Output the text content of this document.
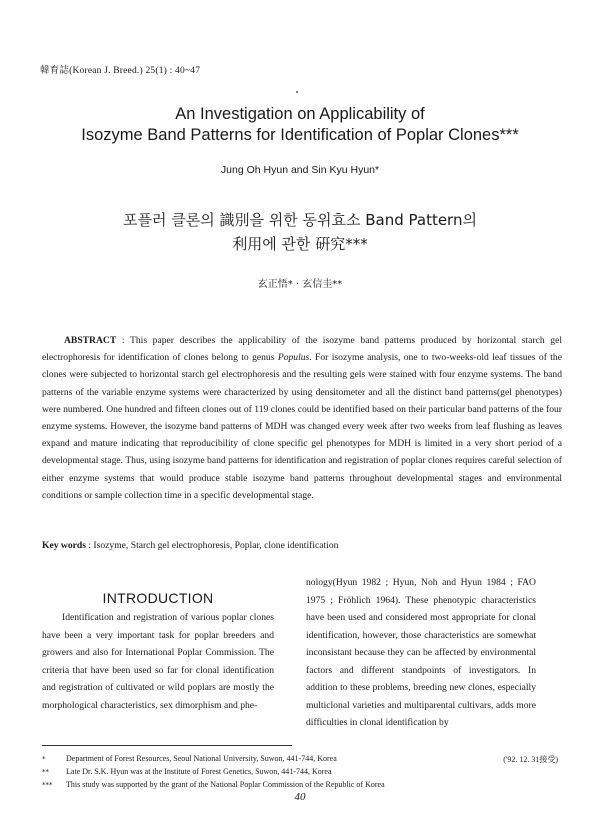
韓育誌(Korean J. Breed.) 25(1) : 40~47
An Investigation on Applicability of
Isozyme Band Patterns for Identification of Poplar Clones***
Jung Oh Hyun and Sin Kyu Hyun*
포플러 클론의 識別을 위한 동위효소 Band Pattern의
利用에 관한 硏究***
玄正悟* · 玄信圭**
ABSTRACT : This paper describes the applicability of the isozyme band patterns produced by horizontal starch gel electrophoresis for identification of clones belong to genus Populus. For isozyme analysis, one to two-weeks-old leaf tissues of the clones were subjected to horizontal starch gel electrophoresis and the resulting gels were stained with four enzyme systems. The band patterns of the variable enzyme systems were characterized by using densitometer and all the distinct band patterns(gel phenotypes) were numbered. One hundred and fifteen clones out of 119 clones could be identified based on their particular band patterns of the four enzyme systems. However, the isozyme band patterns of MDH was changed every week after two weeks from leaf flushing as leaves expand and mature indicating that reproducibility of clone specific gel phenotypes for MDH is limited in a very short period of a developmental stage. Thus, using isozyme band patterns for identification and registration of poplar clones requires careful selection of either enzyme systems that would produce stable isozyme band patterns throughout developmental stages and environmental conditions or sample collection time in a specific developmental stage.
Key words : Isozyme, Starch gel electrophoresis, Poplar, clone identification
INTRODUCTION
Identification and registration of various poplar clones have been a very important task for poplar breeders and growers and also for International Poplar Commission. The criteria that have been used so far for clonal identification and registration of cultivated or wild poplars are mostly the morphological characteristics, sex dimorphism and phe-
nology(Hyun 1982 ; Hyun, Noh and Hyun 1984 ; FAO 1975 ; Fröhlich 1964). These phenotypic characteristics have been used and considered most appropriate for clonal identification, however, those characteristics are somewhat inconsistant because they can be affected by environmental factors and different standpoints of investigators. In addition to these problems, breeding new clones, especially multiclonal varieties and multiparental cultivars, adds more difficulties in clonal identification by
*	Department of Forest Resources, Seoul National University, Suwon, 441-744, Korea
** Late Dr. S.K. Hyun was at the Institute of Forest Genetics, Suwon, 441-744, Korea
*** This study was supported by the grant of the National Poplar Commission of the Republic of Korea
('92. 12. 31接受)
40
